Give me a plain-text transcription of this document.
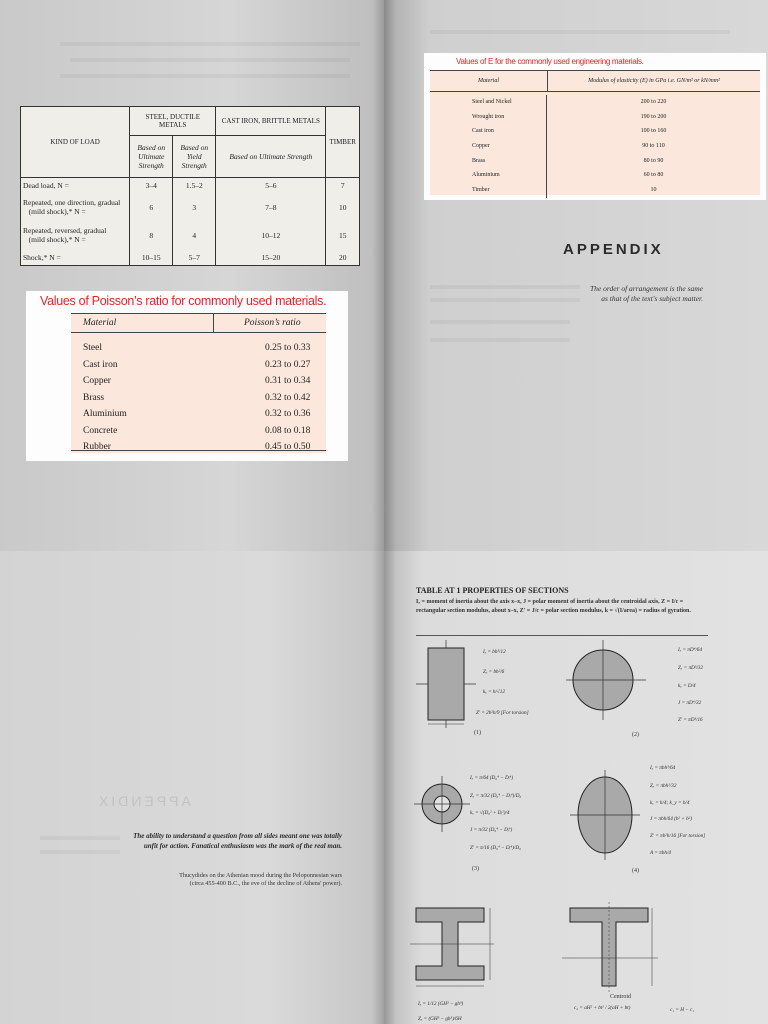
KIND OF LOAD	STEEL, DUCTILE METALS		CAST IRON, BRITTLE METALS	TIMBER
	Based on Ultimate Strength	Based on Yield Strength	Based on Ultimate Strength	
Dead load, N =	3–4	1.5–2	5–6	7
Repeated, one direction, gradual
(mild shock),* N =	6	3	7–8	10
Repeated, reversed, gradual
(mild shock),* N =	8	4	10–12	15
Shock,* N =	10–15	5–7	15–20	20
Values of Poisson’s ratio for commonly used materials.
Material	Poisson’s ratio
Steel	0.25 to 0.33
Cast iron	0.23 to 0.27
Copper	0.31 to 0.34
Brass	0.32 to 0.42
Aluminium	0.32 to 0.36
Concrete	0.08 to 0.18
Rubber	0.45 to 0.50
Values of E for the commonly used engineering materials.
Material	Modulus of elasticity (E) in GPa i.e. GN/m² or kN/mm²
Steel and Nickel	200 to 220
Wrought iron	190 to 200
Cast iron	100 to 160
Copper	90 to 110
Brass	80 to 90
Aluminium	60 to 80
Timber	10
APPENDIX
The order of arrangement is the same as that of the text's subject matter.
APPENDIX
The ability to understand a question from all sides meant one was totally unfit for action. Fanatical enthusiasm was the mark of the real man.
Thucydides on the Athenian mood during the Peloponnesian wars (circa 455-400 B.C., the eve of the decline of Athens' power).
TABLE AT 1 PROPERTIES OF SECTIONS
Iₓ = moment of inertia about the axis x–x, J = polar moment of inertia about the centroidal axis, Z = I/c = rectangular section modulus, about x–x, Z′ = J/c = polar section modulus, k = √(I/area) = radius of gyration.
Iₓ = bh³/12
Zₓ = bh²/6
kₓ = h/√12
Z′ = 2b²h/9 [For torsion]
(1)
Iₓ = πD⁴/64
Zₓ = πD³/32
kₓ = D/4
J = πD⁴/32
Z′ = πD³/16
(2)
Iₓ = π/64 (D₀⁴ − Dᵢ⁴)
Zₓ = π/32 (D₀⁴ − Dᵢ⁴)/D₀
kₓ = √(D₀² + Dᵢ²)/4
J = π/32 (D₀⁴ − Dᵢ⁴)
Z′ = π/16 (D₀⁴ − Dᵢ⁴)/D₀
(3)
Iₓ = πbh³/64
Zₓ = πbh²/32
kₓ = h/4; k_y = b/4
J = πbh/64 (h² + b²)
Z′ = πb²h/16 [For torsion]
A = πbh/4
(4)
Iₓ = 1/12 (GH³ − gh³)
Zₓ = (GH³ − gh³)/6H
Centroid
c₂ = aH² + bt² / 2(aH + bt)	c₁ = H − c₁
